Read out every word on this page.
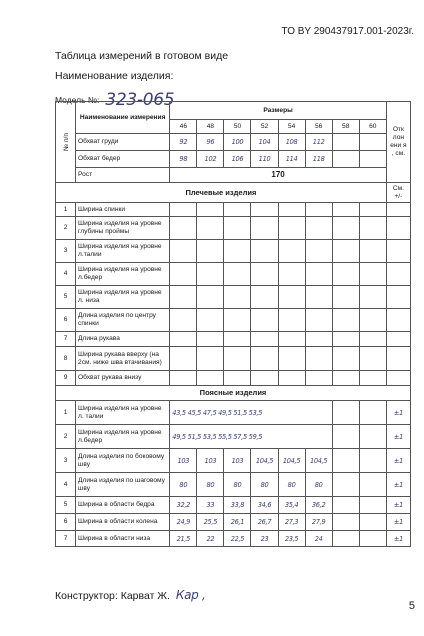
ТО BY 290437917.001-2023г.
Таблица измерений в готовом виде
Наименование изделия:
Модель №: 323-065
№ п/п	Наименование измерения	Размеры								Отк лон ени я , см.
		46	48	50	52	54	56	58	60	
	Обхват груди	92	96	100	104	108	112			
	Обхват бедер	98	102	106	110	114	118			
	Рост	170								
Плечевые изделия										См. +/-
1	Ширина спинки									
2	Ширина изделия на уровне глубины проймы									
3	Ширина изделия на уровне л.талии									
4	Ширина изделия на уровне л.бедер									
5	Ширина изделия на уровне л. низа									
6	Длина изделия по центру спинки									
7	Длина рукава									
8	Ширина рукава вверху (на 2см. ниже шва втачивания)									
9	Обхват рукава внизу									
Поясные изделия										
1	Ширина изделия на уровне л. талии	43,5 45,5 47,5 49,5 51,5 53,5								±1
2	Ширина изделия на уровне л.бедер	49,5 51,5 53,5 55,5 57,5 59,5								±1
3	Длина изделия по боковому шву	103	103	103	104,5	104,5	104,5			±1
4	Длина изделия по шаговому шву	80	80	80	80	80	80			±1
5	Ширина в области бедра	32,2	33	33,8	34,6	35,4	36,2			±1
6	Ширина в области колена	24,9	25,5	26,1	26,7	27,3	27,9			±1
7	Ширина в области низа	21,5	22	22,5	23	23,5	24			±1
Конструктор: Карват Ж. Кар ,
5
